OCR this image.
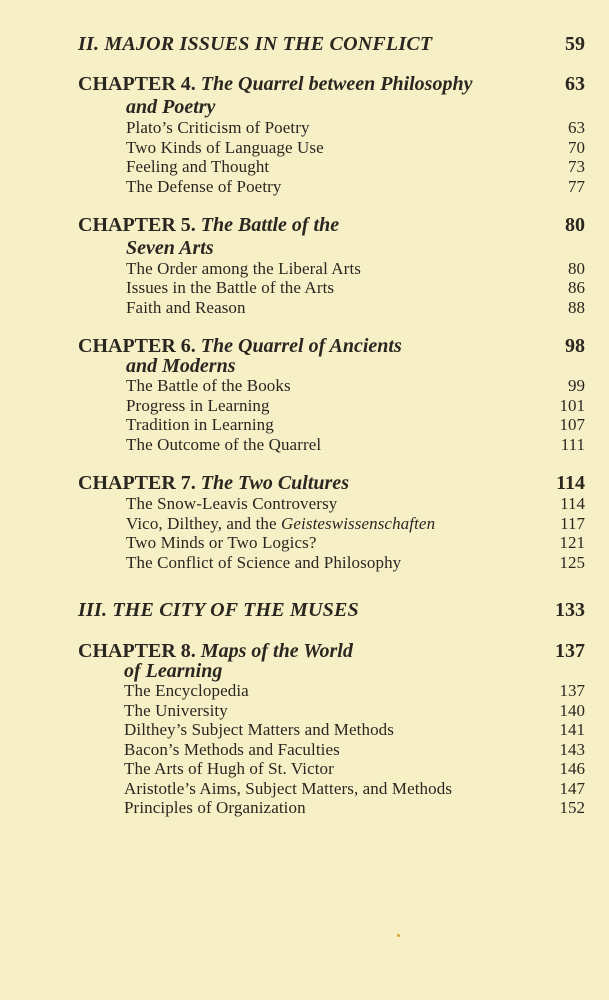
II. MAJOR ISSUES IN THE CONFLICT	59
CHAPTER 4. The Quarrel between Philosophy	63
and Poetry
Plato’s Criticism of Poetry	63
Two Kinds of Language Use	70
Feeling and Thought	73
The Defense of Poetry	77
CHAPTER 5. The Battle of the	80
Seven Arts
The Order among the Liberal Arts	80
Issues in the Battle of the Arts	86
Faith and Reason	88
CHAPTER 6. The Quarrel of Ancients	98
and Moderns
The Battle of the Books	99
Progress in Learning	101
Tradition in Learning	107
The Outcome of the Quarrel	111
CHAPTER 7. The Two Cultures	114
The Snow-Leavis Controversy	114
Vico, Dilthey, and the Geisteswissenschaften	117
Two Minds or Two Logics?	121
The Conflict of Science and Philosophy	125
III. THE CITY OF THE MUSES	133
CHAPTER 8. Maps of the World	137
of Learning
The Encyclopedia	137
The University	140
Dilthey’s Subject Matters and Methods	141
Bacon’s Methods and Faculties	143
The Arts of Hugh of St. Victor	146
Aristotle’s Aims, Subject Matters, and Methods	147
Principles of Organization	152
